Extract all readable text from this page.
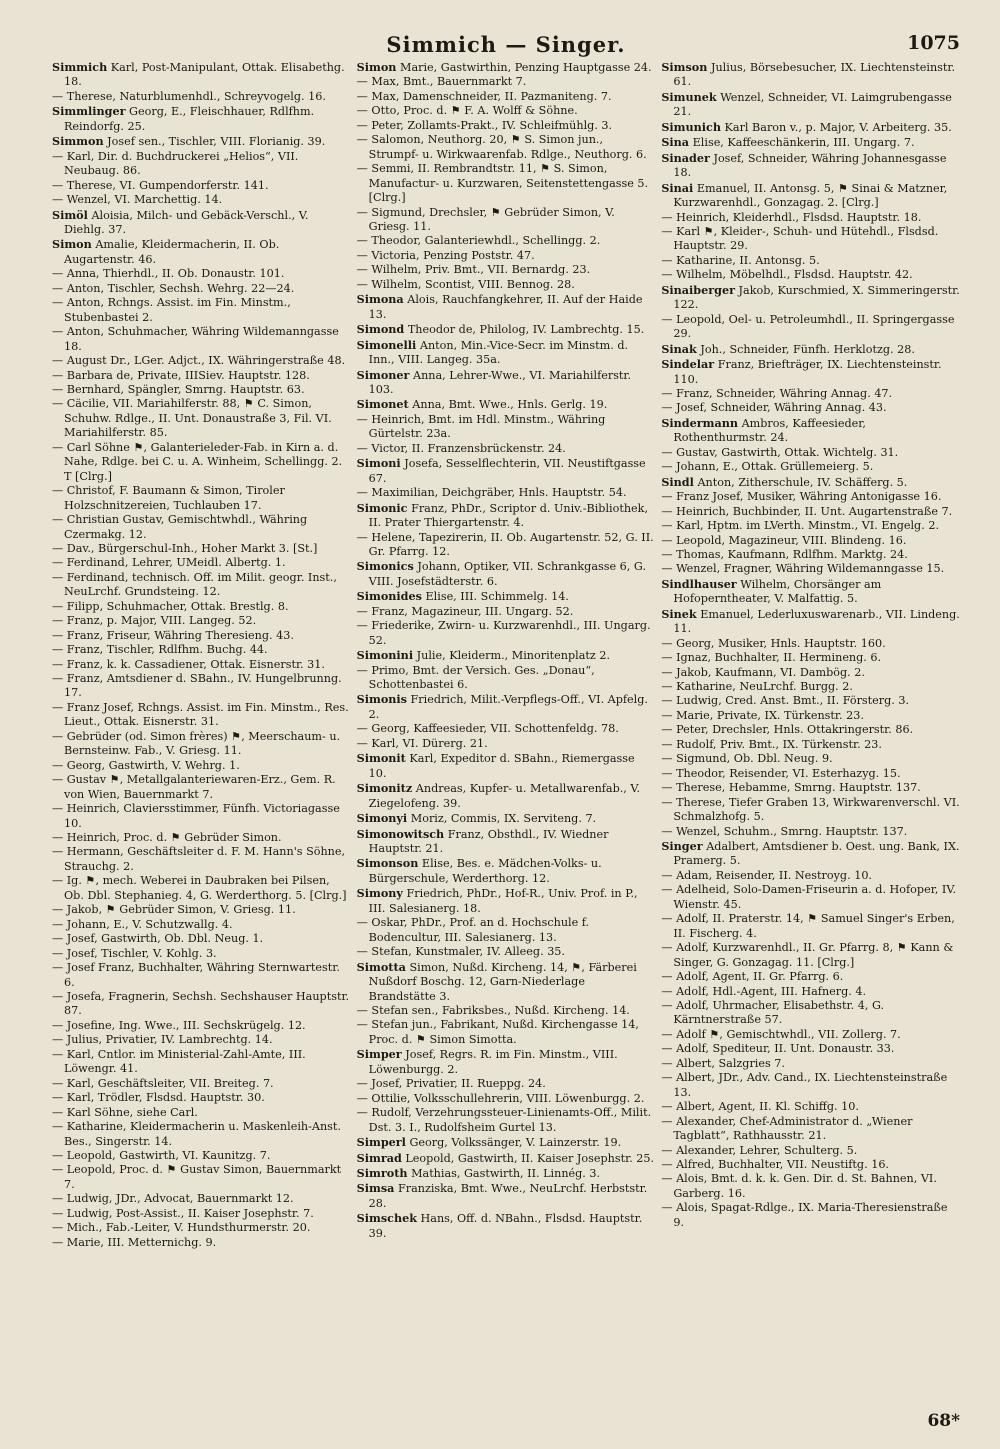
Simmich — Singer.	1075

Simmich Karl, Post-Manipulant, Ottak. Elisabethg. 18.

— Therese, Naturblumenhdl., Schreyvogelg. 16.

Simmlinger Georg, E., Fleischhauer, Rdlfhm. Reindorfg. 25.

Simmon Josef sen., Tischler, VIII. Florianig. 39.

— Karl, Dir. d. Buchdruckerei „Helios“, VII. Neubaug. 86.

— Therese, VI. Gumpendorferstr. 141.

— Wenzel, VI. Marchettig. 14.

Simöl Aloisia, Milch- und Gebäck-Verschl., V. Diehlg. 37.

Simon Amalie, Kleidermacherin, II. Ob. Augartenstr. 46.

— Anna, Thierhdl., II. Ob. Donaustr. 101.

— Anton, Tischler, Sechsh. Wehrg. 22—24.

— Anton, Rchngs. Assist. im Fin. Minstm., Stubenbastei 2.

— Anton, Schuhmacher, Währing Wildemanngasse 18.

— August Dr., LGer. Adjct., IX. Währingerstraße 48.

— Barbara de, Private, IIISiev. Hauptstr. 128.

— Bernhard, Spängler, Smrng. Hauptstr. 63.

— Cäcilie, VII. Mariahilferstr. 88, ⚑ C. Simon, Schuhw. Rdlge., II. Unt. Donaustraße 3, Fil. VI. Mariahilferstr. 85.

— Carl Söhne ⚑, Galanterieleder-Fab. in Kirn a. d. Nahe, Rdlge. bei C. u. A. Winheim, Schellingg. 2. T [Clrg.]

— Christof, F. Baumann & Simon, Tiroler Holzschnitzereien, Tuchlauben 17.

— Christian Gustav, Gemischtwhdl., Währing Czermakg. 12.

— Dav., Bürgerschul-Inh., Hoher Markt 3. [St.]

— Ferdinand, Lehrer, UMeidl. Albertg. 1.

— Ferdinand, technisch. Off. im Milit. geogr. Inst., NeuLrchf. Grundsteing. 12.

— Filipp, Schuhmacher, Ottak. Brestlg. 8.

— Franz, p. Major, VIII. Langeg. 52.

— Franz, Friseur, Währing Theresieng. 43.

— Franz, Tischler, Rdlfhm. Buchg. 44.

— Franz, k. k. Cassadiener, Ottak. Eisnerstr. 31.

— Franz, Amtsdiener d. SBahn., IV. Hungelbrunng. 17.

— Franz Josef, Rchngs. Assist. im Fin. Minstm., Res. Lieut., Ottak. Eisnerstr. 31.

— Gebrüder (od. Simon frères) ⚑, Meerschaum- u. Bernsteinw. Fab., V. Griesg. 11.

— Georg, Gastwirth, V. Wehrg. 1.

— Gustav ⚑, Metallgalanteriewaren-Erz., Gem. R. von Wien, Bauernmarkt 7.

— Heinrich, Claviersstimmer, Fünfh. Victoriagasse 10.

— Heinrich, Proc. d. ⚑ Gebrüder Simon.

— Hermann, Geschäftsleiter d. F. M. Hann's Söhne, Strauchg. 2.

— Ig. ⚑, mech. Weberei in Daubraken bei Pilsen, Ob. Dbl. Stephanieg. 4, G. Werderthorg. 5. [Clrg.]

— Jakob, ⚑ Gebrüder Simon, V. Griesg. 11.

— Johann, E., V. Schutzwallg. 4.

— Josef, Gastwirth, Ob. Dbl. Neug. 1.

— Josef, Tischler, V. Kohlg. 3.

— Josef Franz, Buchhalter, Währing Sternwartestr. 6.

— Josefa, Fragnerin, Sechsh. Sechshauser Hauptstr. 87.

— Josefine, Ing. Wwe., III. Sechskrügelg. 12.

— Julius, Privatier, IV. Lambrechtg. 14.

— Karl, Cntlor. im Ministerial-Zahl-Amte, III. Löwengr. 41.

— Karl, Geschäftsleiter, VII. Breiteg. 7.

— Karl, Trödler, Flsdsd. Hauptstr. 30.

— Karl Söhne, siehe Carl.

— Katharine, Kleidermacherin u. Maskenleih-Anst. Bes., Singerstr. 14.

— Leopold, Gastwirth, VI. Kaunitzg. 7.

— Leopold, Proc. d. ⚑ Gustav Simon, Bauernmarkt 7.

— Ludwig, JDr., Advocat, Bauernmarkt 12.

— Ludwig, Post-Assist., II. Kaiser Josephstr. 7.

— Mich., Fab.-Leiter, V. Hundsthurmerstr. 20.

— Marie, III. Metternichg. 9.

Simon Marie, Gastwirthin, Penzing Hauptgasse 24.

— Max, Bmt., Bauernmarkt 7.

— Max, Damenschneider, II. Pazmaniteng. 7.

— Otto, Proc. d. ⚑ F. A. Wolff & Söhne.

— Peter, Zollamts-Prakt., IV. Schleifmühlg. 3.

— Salomon, Neuthorg. 20, ⚑ S. Simon jun., Strumpf- u. Wirkwaarenfab. Rdlge., Neuthorg. 6.

— Semmi, II. Rembrandtstr. 11, ⚑ S. Simon, Manufactur- u. Kurzwaren, Seitenstettengasse 5. [Clrg.]

— Sigmund, Drechsler, ⚑ Gebrüder Simon, V. Griesg. 11.

— Theodor, Galanteriewhdl., Schellingg. 2.

— Victoria, Penzing Poststr. 47.

— Wilhelm, Priv. Bmt., VII. Bernardg. 23.

— Wilhelm, Scontist, VIII. Bennog. 28.

Simona Alois, Rauchfangkehrer, II. Auf der Haide 13.

Simond Theodor de, Philolog, IV. Lambrechtg. 15.

Simonelli Anton, Min.-Vice-Secr. im Minstm. d. Inn., VIII. Langeg. 35a.

Simoner Anna, Lehrer-Wwe., VI. Mariahilferstr. 103.

Simonet Anna, Bmt. Wwe., Hnls. Gerlg. 19.

— Heinrich, Bmt. im Hdl. Minstm., Währing Gürtelstr. 23a.

— Victor, II. Franzensbrückenstr. 24.

Simoni Josefa, Sesselflechterin, VII. Neustiftgasse 67.

— Maximilian, Deichgräber, Hnls. Hauptstr. 54.

Simonic Franz, PhDr., Scriptor d. Univ.-Bibliothek, II. Prater Thiergartenstr. 4.

— Helene, Tapezirerin, II. Ob. Augartenstr. 52, G. II. Gr. Pfarrg. 12.

Simonics Johann, Optiker, VII. Schrankgasse 6, G. VIII. Josefstädterstr. 6.

Simonides Elise, III. Schimmelg. 14.

— Franz, Magazineur, III. Ungarg. 52.

— Friederike, Zwirn- u. Kurzwarenhdl., III. Ungarg. 52.

Simonini Julie, Kleiderm., Minoritenplatz 2.

— Primo, Bmt. der Versich. Ges. „Donau“, Schottenbastei 6.

Simonis Friedrich, Milit.-Verpflegs-Off., VI. Apfelg. 2.

— Georg, Kaffeesieder, VII. Schottenfeldg. 78.

— Karl, VI. Dürerg. 21.

Simonit Karl, Expeditor d. SBahn., Riemergasse 10.

Simonitz Andreas, Kupfer- u. Metallwarenfab., V. Ziegelofeng. 39.

Simonyi Moriz, Commis, IX. Serviteng. 7.

Simonowitsch Franz, Obsthdl., IV. Wiedner Hauptstr. 21.

Simonson Elise, Bes. e. Mädchen-Volks- u. Bürgerschule, Werderthorg. 12.

Simony Friedrich, PhDr., Hof-R., Univ. Prof. in P., III. Salesianerg. 18.

— Oskar, PhDr., Prof. an d. Hochschule f. Bodencultur, III. Salesianerg. 13.

— Stefan, Kunstmaler, IV. Alleeg. 35.

Simotta Simon, Nußd. Kircheng. 14, ⚑, Färberei Nußdorf Boschg. 12, Garn-Niederlage Brandstätte 3.

— Stefan sen., Fabriksbes., Nußd. Kircheng. 14.

— Stefan jun., Fabrikant, Nußd. Kirchengasse 14, Proc. d. ⚑ Simon Simotta.

Simper Josef, Regrs. R. im Fin. Minstm., VIII. Löwenburgg. 2.

— Josef, Privatier, II. Rueppg. 24.

— Ottilie, Volksschullehrerin, VIII. Löwenburgg. 2.

— Rudolf, Verzehrungssteuer-Linienamts-Off., Milit. Dst. 3. I., Rudolfsheim Gurtel 13.

Simperl Georg, Volkssänger, V. Lainzerstr. 19.

Simrad Leopold, Gastwirth, II. Kaiser Josephstr. 25.

Simroth Mathias, Gastwirth, II. Linnég. 3.

Simsa Franziska, Bmt. Wwe., NeuLrchf. Herbststr. 28.

Simschek Hans, Off. d. NBahn., Flsdsd. Hauptstr. 39.

Simson Julius, Börsebesucher, IX. Liechtensteinstr. 61.

Simunek Wenzel, Schneider, VI. Laimgrubengasse 21.

Simunich Karl Baron v., p. Major, V. Arbeiterg. 35.

Sina Elise, Kaffeeschänkerin, III. Ungarg. 7.

Sinader Josef, Schneider, Währing Johannesgasse 18.

Sinai Emanuel, II. Antonsg. 5, ⚑ Sinai & Matzner, Kurzwarenhdl., Gonzagag. 2. [Clrg.]

— Heinrich, Kleiderhdl., Flsdsd. Hauptstr. 18.

— Karl ⚑, Kleider-, Schuh- und Hütehdl., Flsdsd. Hauptstr. 29.

— Katharine, II. Antonsg. 5.

— Wilhelm, Möbelhdl., Flsdsd. Hauptstr. 42.

Sinaiberger Jakob, Kurschmied, X. Simmeringerstr. 122.

— Leopold, Oel- u. Petroleumhdl., II. Springergasse 29.

Sinak Joh., Schneider, Fünfh. Herklotzg. 28.

Sindelar Franz, Briefträger, IX. Liechtensteinstr. 110.

— Franz, Schneider, Währing Annag. 47.

— Josef, Schneider, Währing Annag. 43.

Sindermann Ambros, Kaffeesieder, Rothenthurmstr. 24.

— Gustav, Gastwirth, Ottak. Wichtelg. 31.

— Johann, E., Ottak. Grüllemeierg. 5.

Sindl Anton, Zitherschule, IV. Schäfferg. 5.

— Franz Josef, Musiker, Währing Antonigasse 16.

— Heinrich, Buchbinder, II. Unt. Augartenstraße 7.

— Karl, Hptm. im LVerth. Minstm., VI. Engelg. 2.

— Leopold, Magazineur, VIII. Blindeng. 16.

— Thomas, Kaufmann, Rdlfhm. Marktg. 24.

— Wenzel, Fragner, Währing Wildemanngasse 15.

Sindlhauser Wilhelm, Chorsänger am Hofoperntheater, V. Malfattig. 5.

Sinek Emanuel, Lederluxuswarenarb., VII. Lindeng. 11.

— Georg, Musiker, Hnls. Hauptstr. 160.

— Ignaz, Buchhalter, II. Hermineng. 6.

— Jakob, Kaufmann, VI. Dambög. 2.

— Katharine, NeuLrchf. Burgg. 2.

— Ludwig, Cred. Anst. Bmt., II. Försterg. 3.

— Marie, Private, IX. Türkenstr. 23.

— Peter, Drechsler, Hnls. Ottakringerstr. 86.

— Rudolf, Priv. Bmt., IX. Türkenstr. 23.

— Sigmund, Ob. Dbl. Neug. 9.

— Theodor, Reisender, VI. Esterhazyg. 15.

— Therese, Hebamme, Smrng. Hauptstr. 137.

— Therese, Tiefer Graben 13, Wirkwarenverschl. VI. Schmalzhofg. 5.

— Wenzel, Schuhm., Smrng. Hauptstr. 137.

Singer Adalbert, Amtsdiener b. Oest. ung. Bank, IX. Pramerg. 5.

— Adam, Reisender, II. Nestroyg. 10.

— Adelheid, Solo-Damen-Friseurin a. d. Hofoper, IV. Wienstr. 45.

— Adolf, II. Praterstr. 14, ⚑ Samuel Singer's Erben, II. Fischerg. 4.

— Adolf, Kurzwarenhdl., II. Gr. Pfarrg. 8, ⚑ Kann & Singer, G. Gonzagag. 11. [Clrg.]

— Adolf, Agent, II. Gr. Pfarrg. 6.

— Adolf, Hdl.-Agent, III. Hafnerg. 4.

— Adolf, Uhrmacher, Elisabethstr. 4, G. Kärntnerstraße 57.

— Adolf ⚑, Gemischtwhdl., VII. Zollerg. 7.

— Adolf, Spediteur, II. Unt. Donaustr. 33.

— Albert, Salzgries 7.

— Albert, JDr., Adv. Cand., IX. Liechtensteinstraße 13.

— Albert, Agent, II. Kl. Schiffg. 10.

— Alexander, Chef-Administrator d. „Wiener Tagblatt“, Rathhausstr. 21.

— Alexander, Lehrer, Schulterg. 5.

— Alfred, Buchhalter, VII. Neustiftg. 16.

— Alois, Bmt. d. k. k. Gen. Dir. d. St. Bahnen, VI. Garberg. 16.

— Alois, Spagat-Rdlge., IX. Maria-Theresienstraße 9.

68*
